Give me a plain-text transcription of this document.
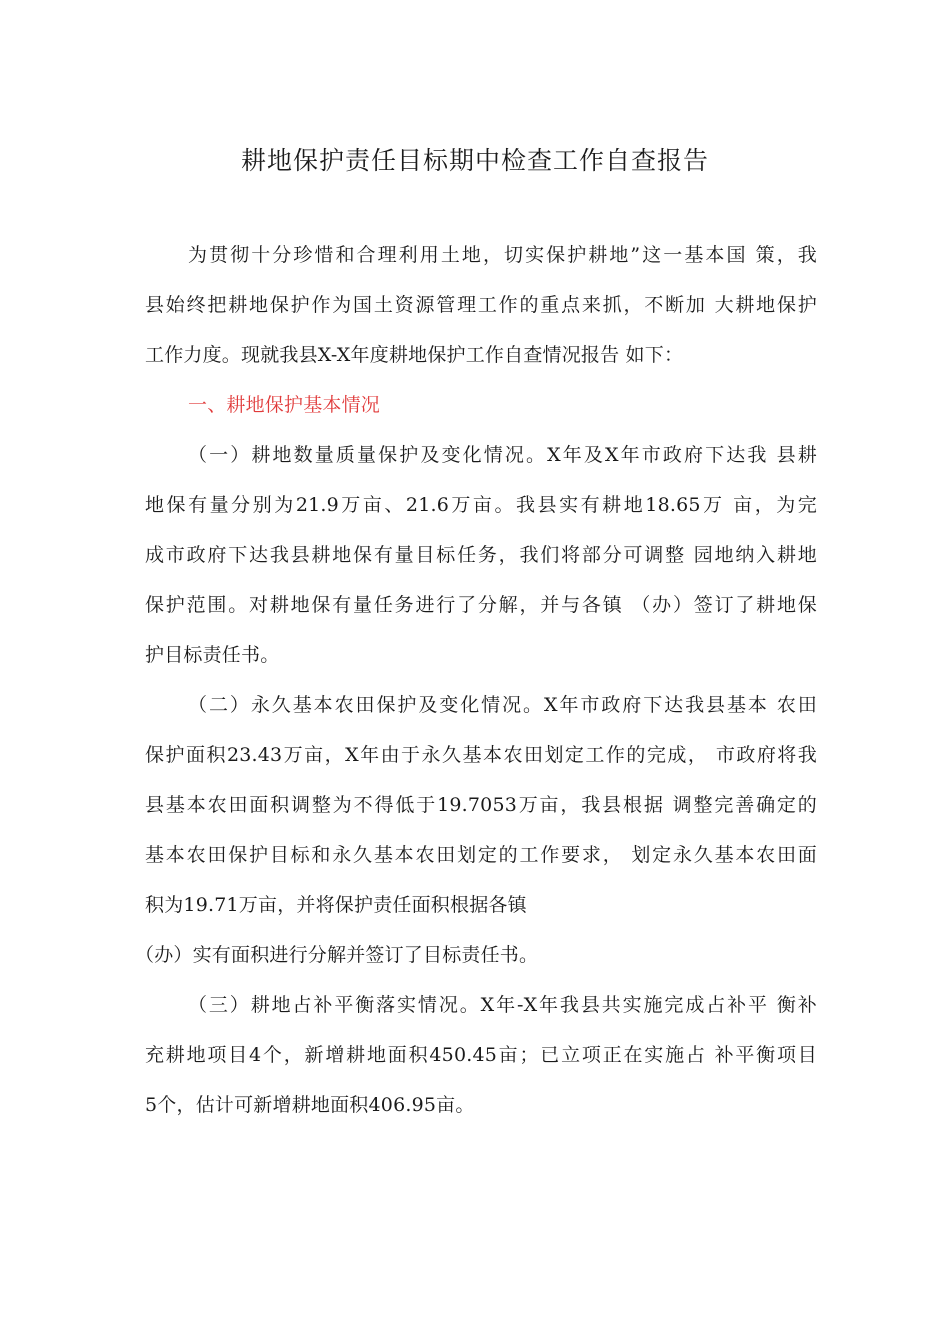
耕地保护责任目标期中检查工作自查报告

为贯彻十分珍惜和合理利用土地，切实保护耕地”这一基本国 策，我

县始终把耕地保护作为国土资源管理工作的重点来抓，不断加 大耕地保护

工作力度。现就我县X-X年度耕地保护工作自查情况报告 如下：

一、耕地保护基本情况

（一）耕地数量质量保护及变化情况。X年及X年市政府下达我 县耕

地保有量分别为21.9万亩、21.6万亩。我县实有耕地18.65万 亩，为完

成市政府下达我县耕地保有量目标任务，我们将部分可调整 园地纳入耕地

保护范围。对耕地保有量任务进行了分解，并与各镇 （办）签订了耕地保

护目标责任书。

（二）永久基本农田保护及变化情况。X年市政府下达我县基本 农田

保护面积23.43万亩，X年由于永久基本农田划定工作的完成， 市政府将我

县基本农田面积调整为不得低于19.7053万亩，我县根据 调整完善确定的

基本农田保护目标和永久基本农田划定的工作要求， 划定永久基本农田面

积为19.71万亩，并将保护责任面积根据各镇

（办）实有面积进行分解并签订了目标责任书。

（三）耕地占补平衡落实情况。X年-X年我县共实施完成占补平 衡补

充耕地项目4个，新增耕地面积450.45亩；已立项正在实施占 补平衡项目

5个，估计可新增耕地面积406.95亩。
